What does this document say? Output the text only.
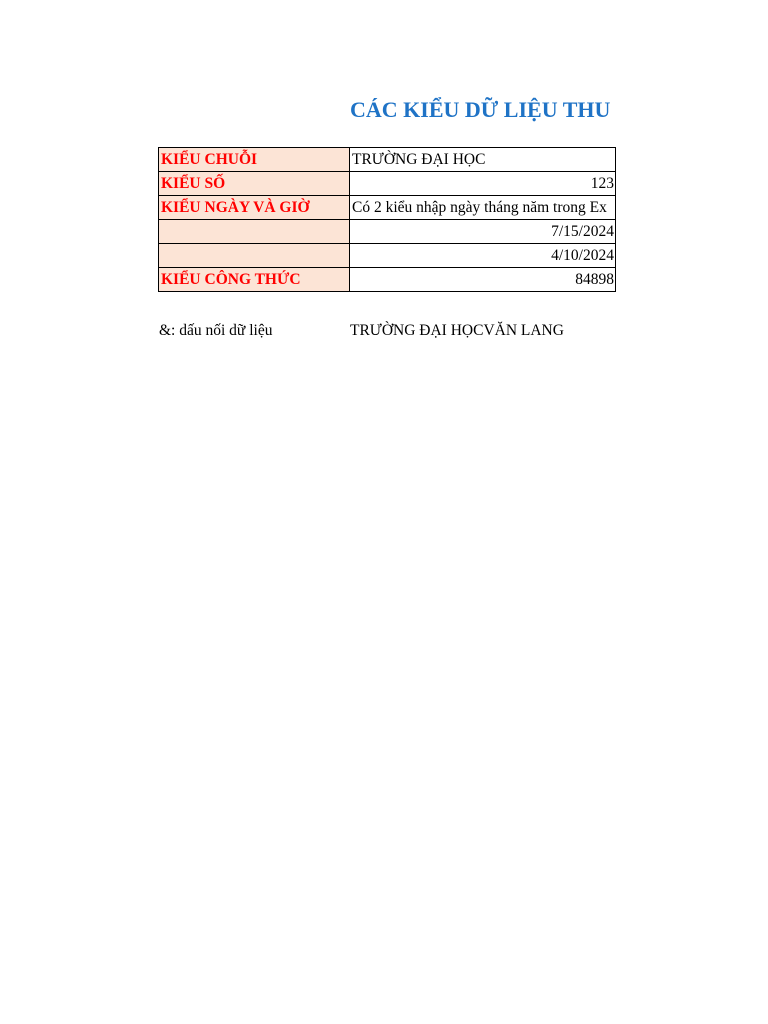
CÁC KIỂU DỮ LIỆU THU
KIỂU CHUỖI	TRƯỜNG ĐẠI HỌC
KIỂU SỐ	123
KIỂU NGÀY VÀ GIỜ	Có 2 kiểu nhập ngày tháng năm trong Ex
	7/15/2024
	4/10/2024
KIỂU CÔNG THỨC	84898
&: dấu nối dữ liệu	TRƯỜNG ĐẠI HỌCVĂN LANG
